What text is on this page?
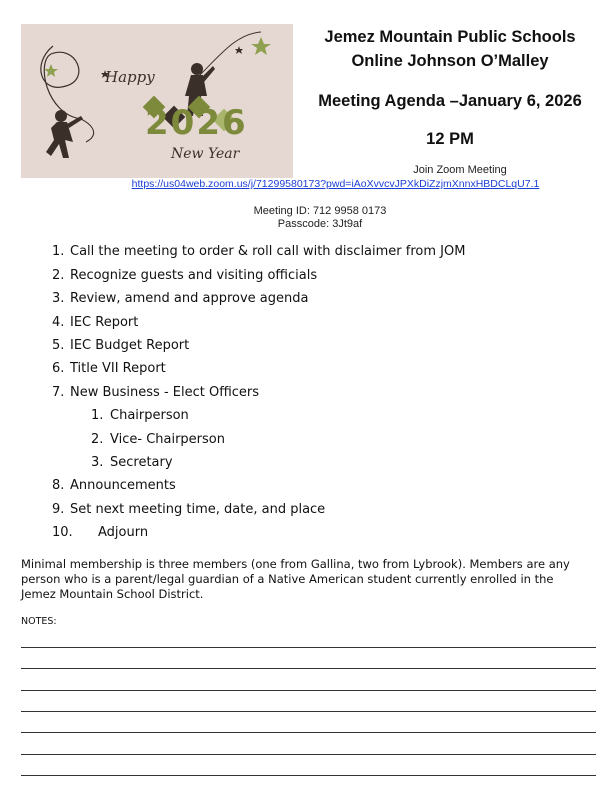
Happy
2026
New Year
Jemez Mountain Public Schools
Online Johnson O’Malley
Meeting Agenda –January 6, 2026
12 PM
Join Zoom Meeting
https://us04web.zoom.us/j/71299580173?pwd=iAoXvvcvJPXkDiZzjmXnnxHBDCLqU7.1
Meeting ID: 712 9958 0173
Passcode: 3Jt9af
1. Call the meeting to order & roll call with disclaimer from JOM
2. Recognize guests and visiting officials
3. Review, amend and approve agenda
4. IEC Report
5. IEC Budget Report
6. Title VII Report
7. New Business - Elect Officers
1. Chairperson
2. Vice- Chairperson
3. Secretary
8. Announcements
9. Set next meeting time, date, and place
10. Adjourn
Minimal membership is three members (one from Gallina, two from Lybrook). Members are any person who is a parent/legal guardian of a Native American student currently enrolled in the Jemez Mountain School District.
NOTES:
